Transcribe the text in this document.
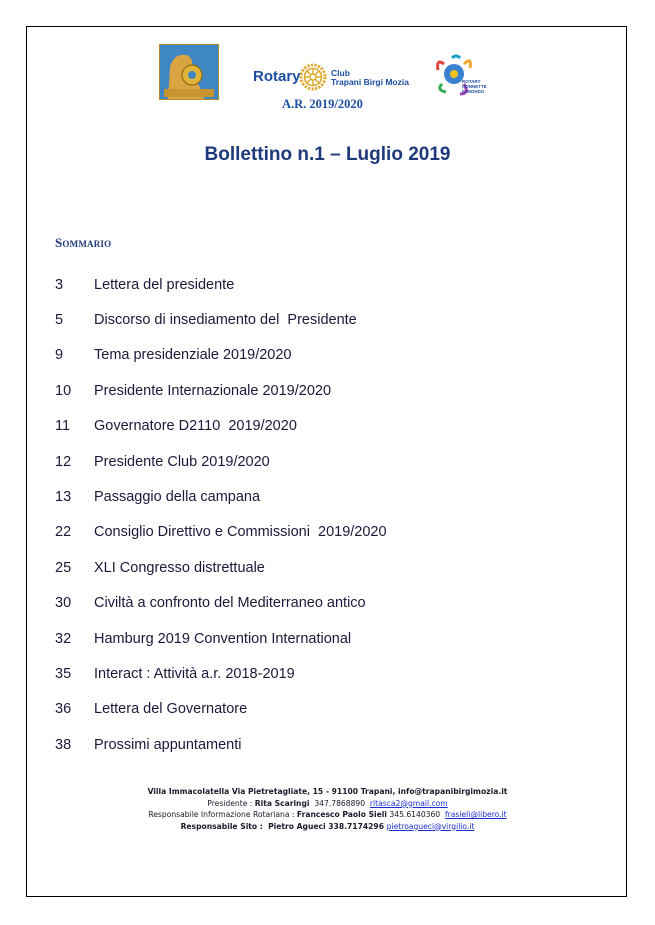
Rotary	Club
Trapani Birgi Mozia
A.R. 2019/2020
ROTARY
CONNETTE
IL MONDO
Bollettino n.1 – Luglio 2019
Sommario
3	Lettera del presidente
5	Discorso di insediamento del  Presidente
9	Tema presidenziale 2019/2020
10	Presidente Internazionale 2019/2020
11	Governatore D2110  2019/2020
12	Presidente Club 2019/2020
13	Passaggio della campana
22	Consiglio Direttivo e Commissioni  2019/2020
25	XLI Congresso distrettuale
30	Civiltà a confronto del Mediterraneo antico
32	Hamburg 2019 Convention International
35	Interact : Attività a.r. 2018-2019
36	Lettera del Governatore
38	Prossimi appuntamenti
Villa Immacolatella Via Pietretagliate, 15 - 91100 Trapani, info@trapanibirgimozia.it
Presidente : Rita Scaringi  347.7868890  ritasca2@gmail.com
Responsabile Informazione Rotariana : Francesco Paolo Sieli 345.6140360  frasieli@libero.it
Responsabile Sito :  Pietro Agueci 338.7174296 pietroagueci@virgilio.it
